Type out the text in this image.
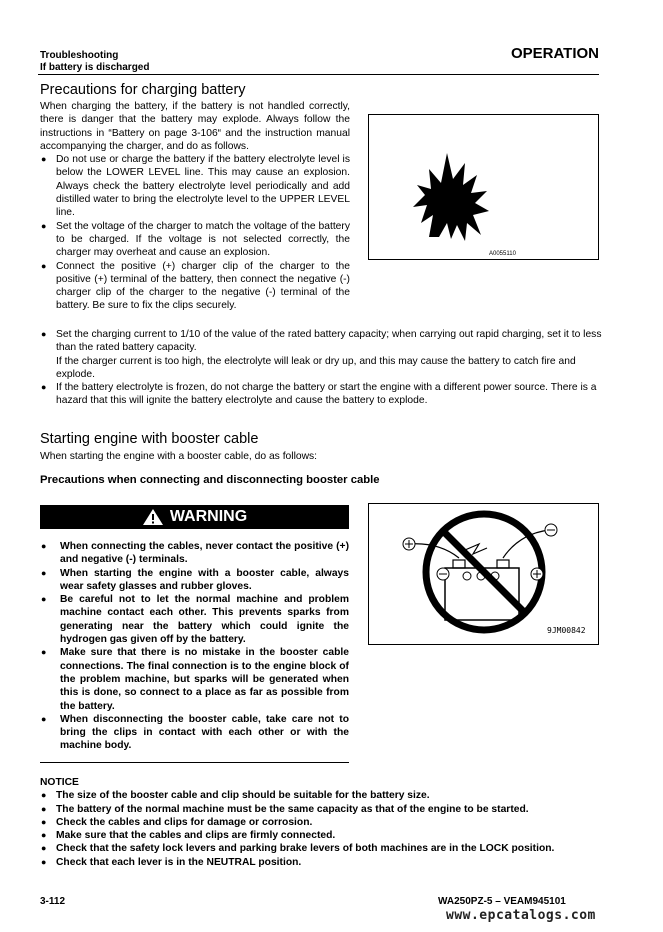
Troubleshooting
If battery is discharged
OPERATION
Precautions for charging battery
When charging the battery, if the battery is not handled correctly, there is danger that the battery may explode. Always follow the instructions in “Battery on page 3-106“ and the instruction manual accompanying the charger, and do as follows.
● Do not use or charge the battery if the battery electrolyte level is below the LOWER LEVEL line. This may cause an explosion. Always check the battery electrolyte level periodically and add distilled water to bring the electrolyte level to the UPPER LEVEL line.
● Set the voltage of the charger to match the voltage of the battery to be charged. If the voltage is not selected correctly, the charger may overheat and cause an explosion.
● Connect the positive (+) charger clip of the charger to the positive (+) terminal of the battery, then connect the negative (-) charger clip of the charger to the negative (-) terminal of the battery. Be sure to fix the clips securely.
● Set the charging current to 1/10 of the value of the rated battery capacity; when carrying out rapid charging, set it to less than the rated battery capacity.
If the charger current is too high, the electrolyte will leak or dry up, and this may cause the battery to catch fire and explode.
● If the battery electrolyte is frozen, do not charge the battery or start the engine with a different power source. There is a hazard that this will ignite the battery electrolyte and cause the battery to explode.
A0055110
Starting engine with booster cable
When starting the engine with a booster cable, do as follows:
Precautions when connecting and disconnecting booster cable
WARNING
● When connecting the cables, never contact the positive (+) and negative (-) terminals.
● When starting the engine with a booster cable, always wear safety glasses and rubber gloves.
● Be careful not to let the normal machine and problem machine contact each other. This prevents sparks from generating near the battery which could ignite the hydrogen gas given off by the battery.
● Make sure that there is no mistake in the booster cable connections. The final connection is to the engine block of the problem machine, but sparks will be generated when this is done, so connect to a place as far as possible from the battery.
● When disconnecting the booster cable, take care not to bring the clips in contact with each other or with the machine body.
9JM00842
NOTICE
● The size of the booster cable and clip should be suitable for the battery size.
● The battery of the normal machine must be the same capacity as that of the engine to be started.
● Check the cables and clips for damage or corrosion.
● Make sure that the cables and clips are firmly connected.
● Check that the safety lock levers and parking brake levers of both machines are in the LOCK position.
● Check that each lever is in the NEUTRAL position.
3-112	WA250PZ-5 – VEAM945101
www.epcatalogs.com
